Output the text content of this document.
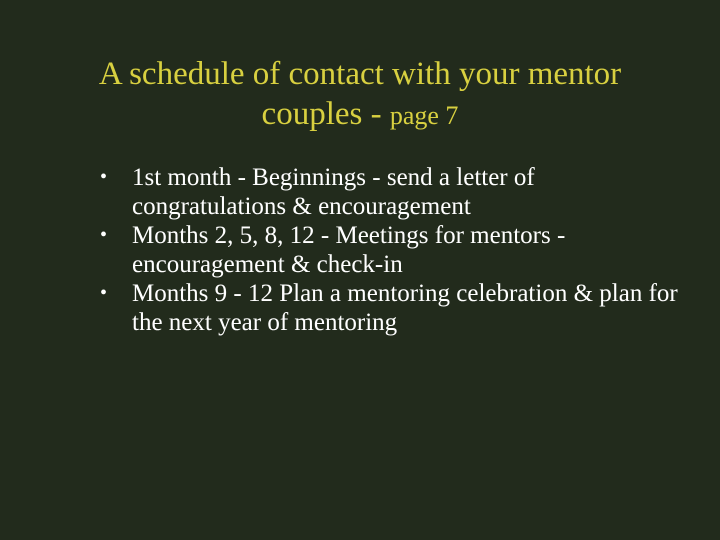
A schedule of contact with your mentor
couples - page 7
• 1st month - Beginnings - send a letter of congratulations & encouragement
• Months 2, 5, 8, 12 - Meetings for mentors - encouragement & check-in
• Months 9 - 12 Plan a mentoring celebration & plan for the next year of mentoring
